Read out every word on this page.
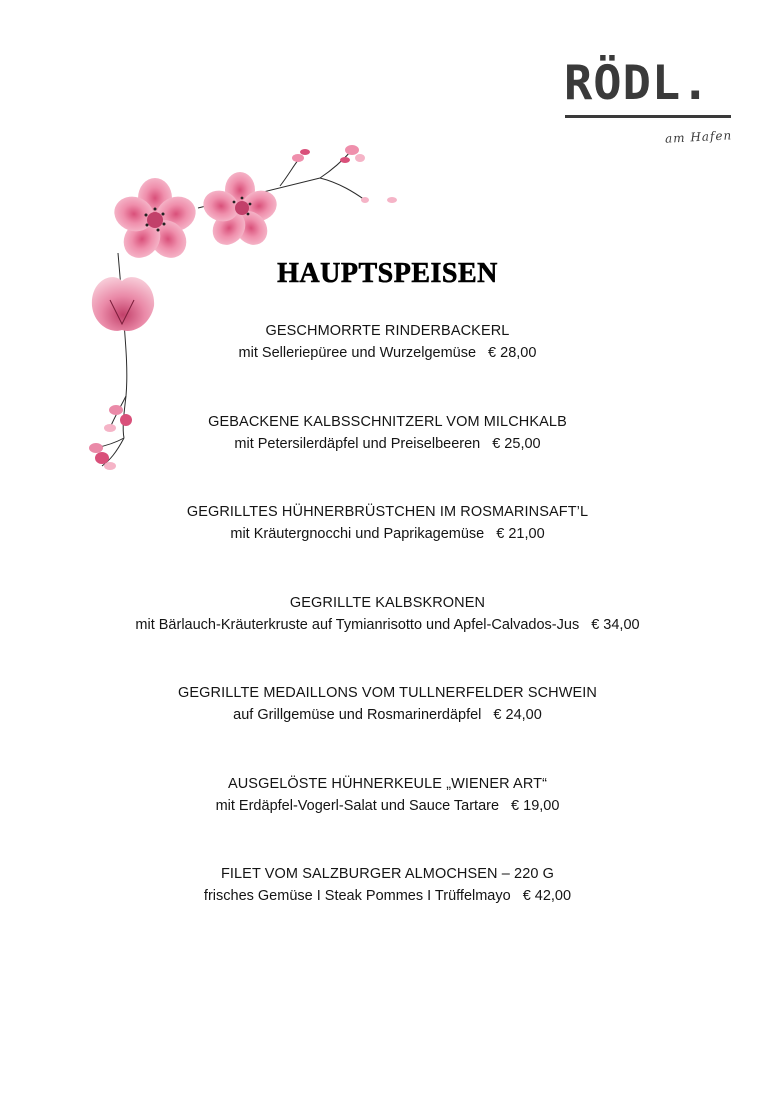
RÖDL.
am Hafen
HAUPTSPEISEN
GESCHMORRTE RINDERBACKERL
mit Selleriepüree und Wurzelgemüse € 28,00
GEBACKENE KALBSSCHNITZERL VOM MILCHKALB
mit Petersilerdäpfel und Preiselbeeren € 25,00
GEGRILLTES HÜHNERBRÜSTCHEN IM ROSMARINSAFT’L
mit Kräutergnocchi und Paprikagemüse € 21,00
GEGRILLTE KALBSKRONEN
mit Bärlauch-Kräuterkruste auf Tymianrisotto und Apfel-Calvados-Jus € 34,00
GEGRILLTE MEDAILLONS VOM TULLNERFELDER SCHWEIN
auf Grillgemüse und Rosmarinerdäpfel € 24,00
AUSGELÖSTE HÜHNERKEULE „WIENER ART“
mit Erdäpfel-Vogerl-Salat und Sauce Tartare € 19,00
FILET VOM SALZBURGER ALMOCHSEN – 220 G
frisches Gemüse I Steak Pommes I Trüffelmayo € 42,00
